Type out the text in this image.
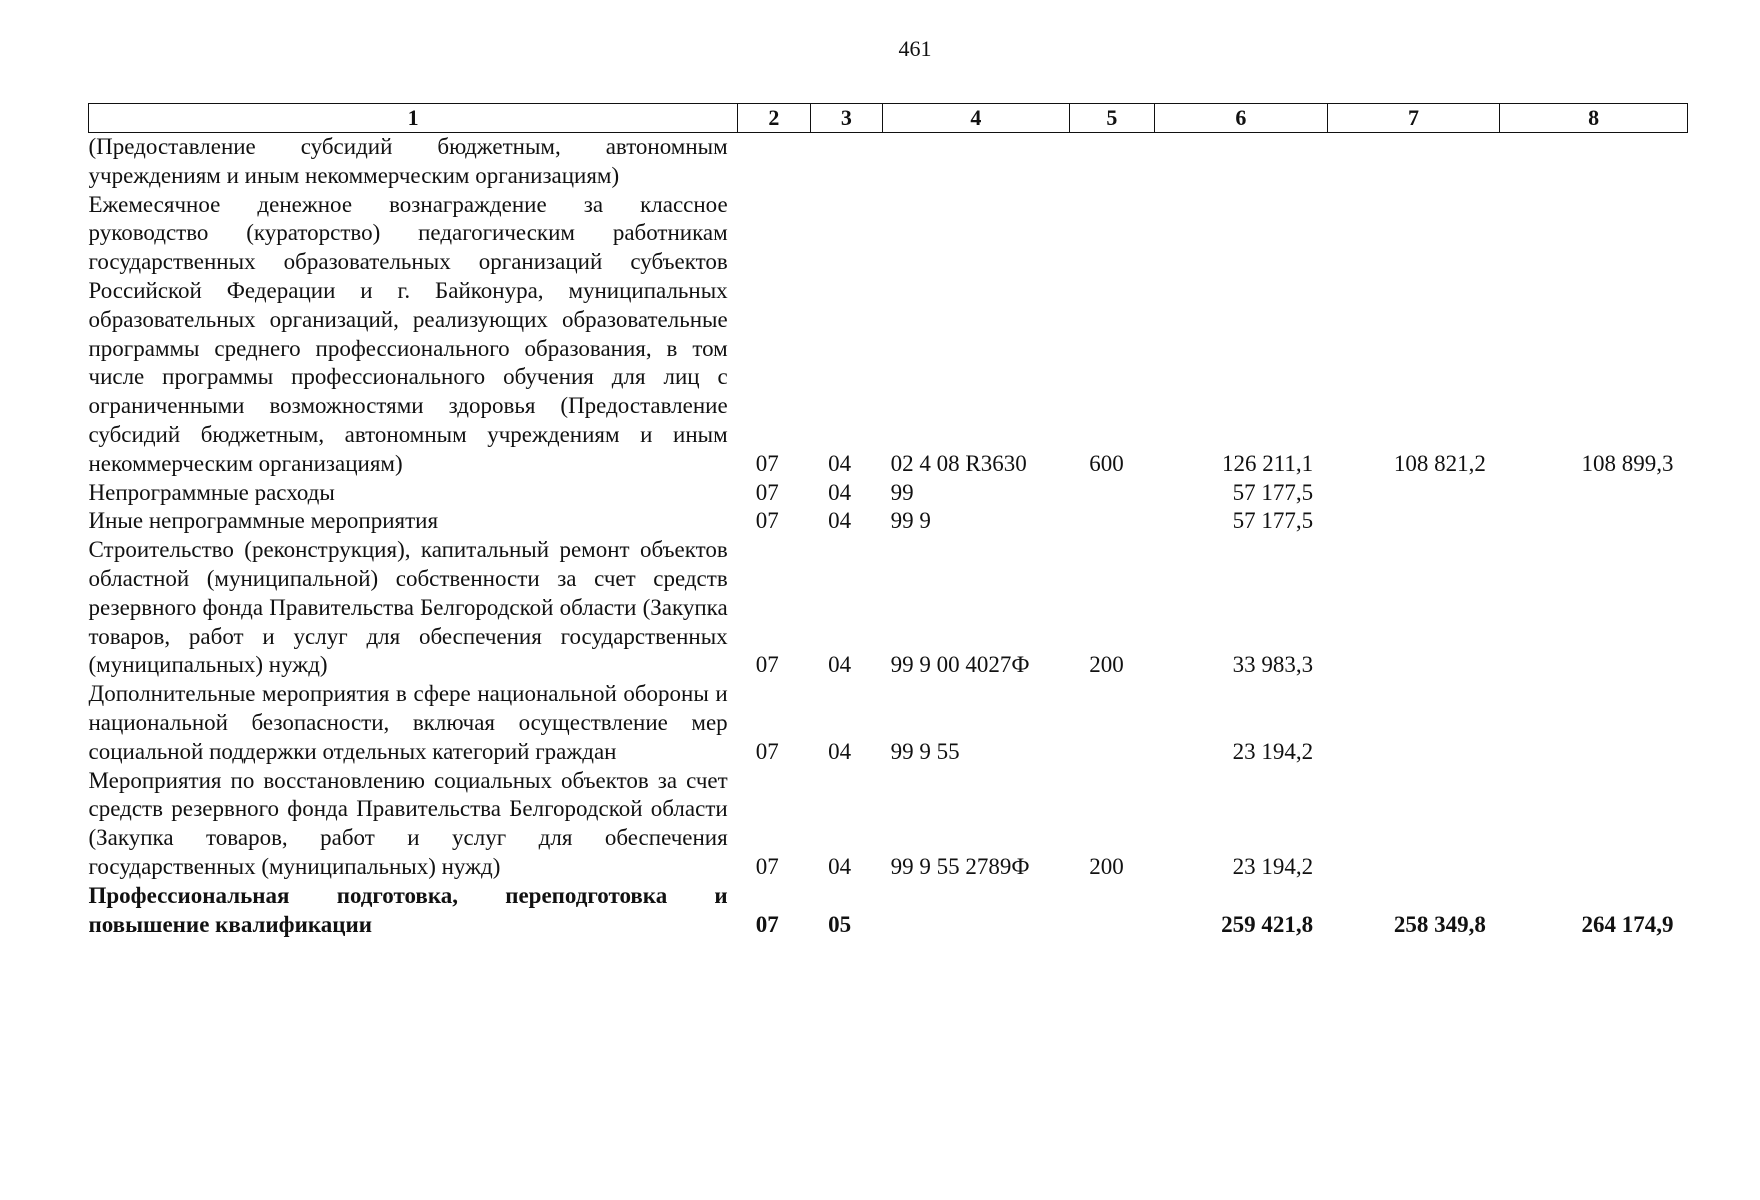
461
1	2	3	4	5	6	7	8
(Предоставление субсидий бюджетным, автономным учреждениям и иным некоммерческим организациям)							
Ежемесячное денежное вознаграждение за классное руководство (кураторство) педагогическим работникам государственных образовательных организаций субъектов Российской Федерации и г. Байконура, муниципальных образовательных организаций, реализующих образовательные программы среднего профессионального образования, в том числе программы профессионального обучения для лиц с ограниченными возможностями здоровья (Предоставление субсидий бюджетным, автономным учреждениям и иным некоммерческим организациям)	07	04	02 4 08 R3630	600	126 211,1	108 821,2	108 899,3
Непрограммные расходы	07	04	99		57 177,5		
Иные непрограммные мероприятия	07	04	99 9		57 177,5		
Строительство (реконструкция), капитальный ремонт объектов областной (муниципальной) собственности за счет средств резервного фонда Правительства Белгородской области (Закупка товаров, работ и услуг для обеспечения государственных (муниципальных) нужд)	07	04	99 9 00 4027Ф	200	33 983,3		
Дополнительные мероприятия в сфере национальной обороны и национальной безопасности, включая осуществление мер социальной поддержки отдельных категорий граждан	07	04	99 9 55		23 194,2		
Мероприятия по восстановлению социальных объектов за счет средств резервного фонда Правительства Белгородской области (Закупка товаров, работ и услуг для обеспечения государственных (муниципальных) нужд)	07	04	99 9 55 2789Ф	200	23 194,2		
Профессиональная подготовка, переподготовка и повышение квалификации	07	05			259 421,8	258 349,8	264 174,9
